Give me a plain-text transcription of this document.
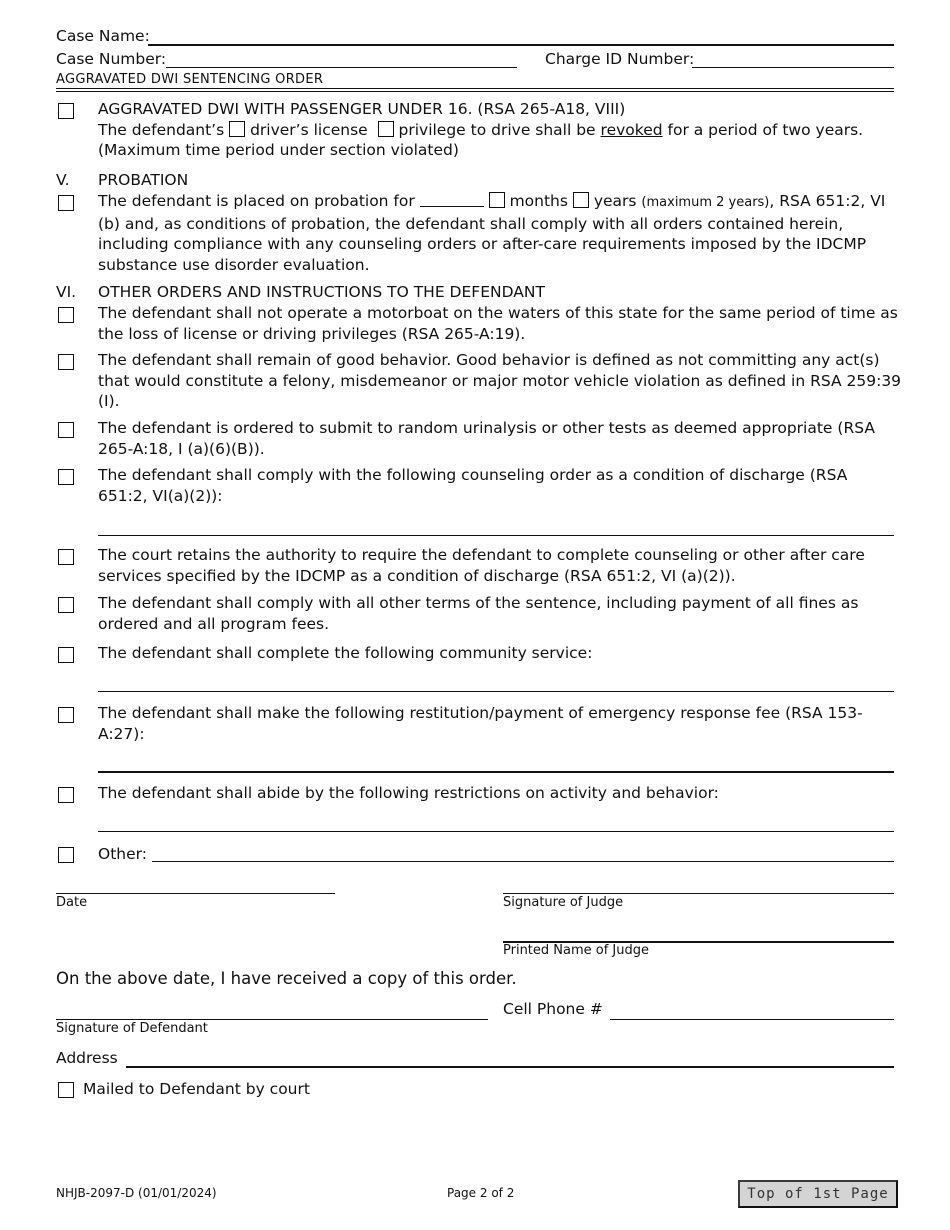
Case Name:
Case Number:	Charge ID Number:
AGGRAVATED DWI SENTENCING ORDER
AGGRAVATED DWI WITH PASSENGER UNDER 16. (RSA 265-A18, VIII)
The defendant’s driver’s license privilege to drive shall be revoked for a period of two years.
(Maximum time period under section violated)
V. PROBATION
The defendant is placed on probation for	months years (maximum 2 years), RSA 651:2, VI (b) and, as conditions of probation, the defendant shall comply with all orders contained herein, including compliance with any counseling orders or after-care requirements imposed by the IDCMP substance use disorder evaluation.
VI. OTHER ORDERS AND INSTRUCTIONS TO THE DEFENDANT
The defendant shall not operate a motorboat on the waters of this state for the same period of time as the loss of license or driving privileges (RSA 265-A:19).
The defendant shall remain of good behavior. Good behavior is defined as not committing any act(s) that would constitute a felony, misdemeanor or major motor vehicle violation as defined in RSA 259:39 (I).
The defendant is ordered to submit to random urinalysis or other tests as deemed appropriate (RSA 265-A:18, I (a)(6)(B)).
The defendant shall comply with the following counseling order as a condition of discharge (RSA 651:2, VI(a)(2)):
The court retains the authority to require the defendant to complete counseling or other after care services specified by the IDCMP as a condition of discharge (RSA 651:2, VI (a)(2)).
The defendant shall comply with all other terms of the sentence, including payment of all fines as ordered and all program fees.
The defendant shall complete the following community service:
The defendant shall make the following restitution/payment of emergency response fee (RSA 153-A:27):
The defendant shall abide by the following restrictions on activity and behavior:
Other:
Date	Signature of Judge
Printed Name of Judge
On the above date, I have received a copy of this order.
Signature of Defendant
Cell Phone #
Address
Mailed to Defendant by court
NHJB-2097-D (01/01/2024)	Page 2 of 2	Top of 1st Page
